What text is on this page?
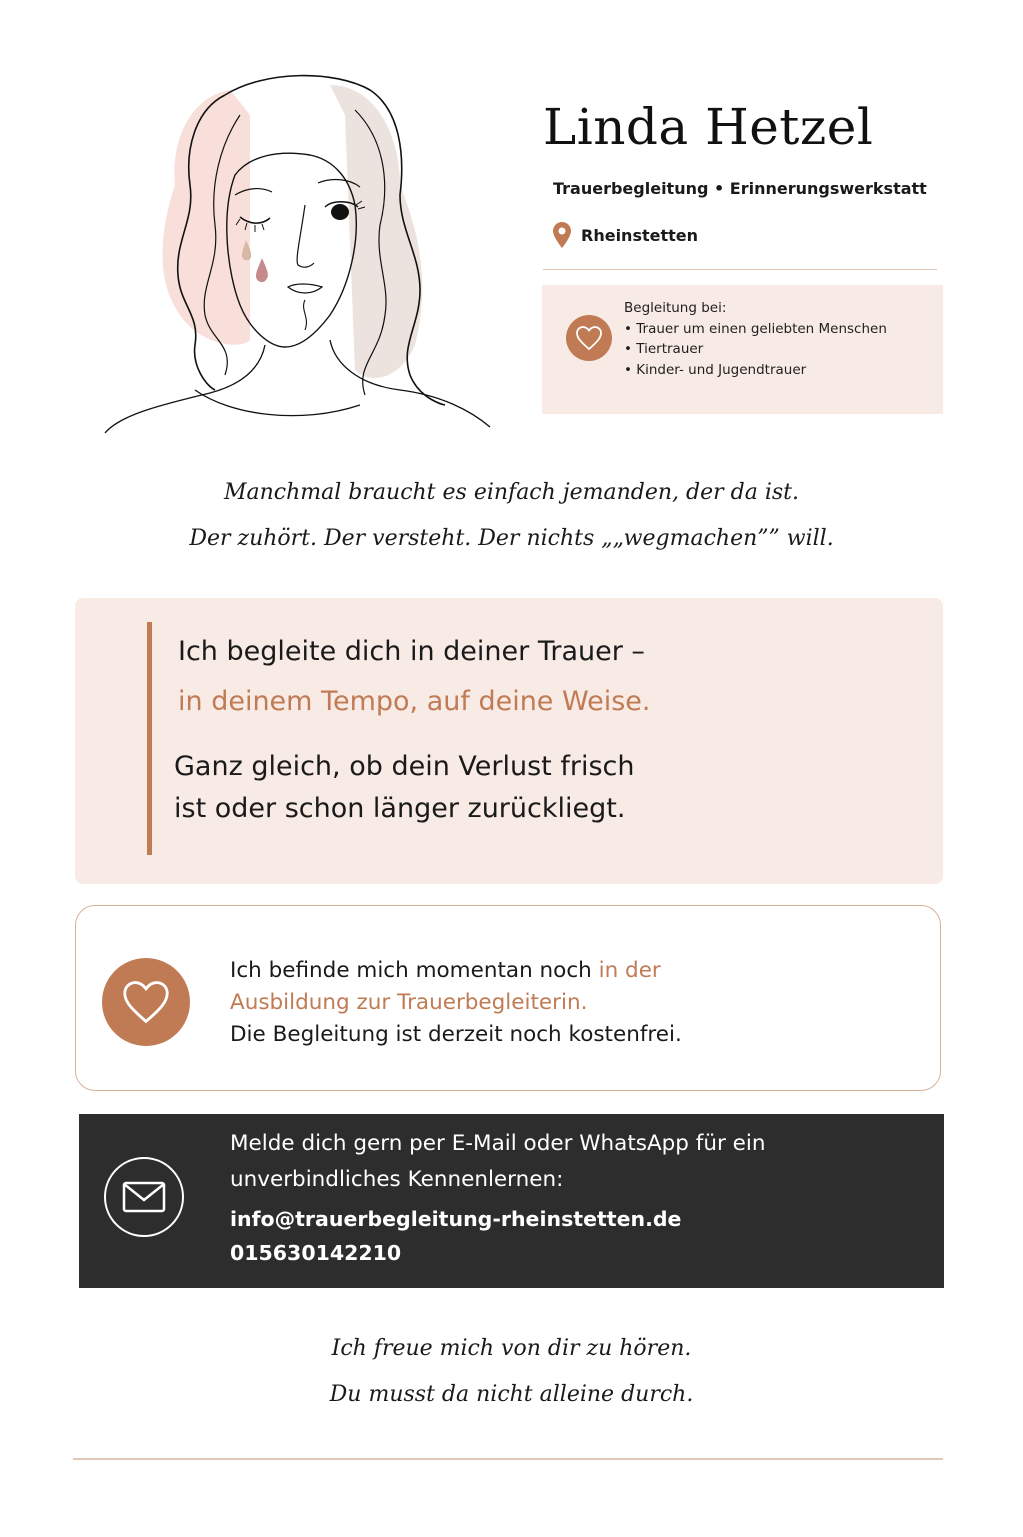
Linda Hetzel
Trauerbegleitung • Erinnerungswerkstatt
Rheinstetten
Begleitung bei:
• Trauer um einen geliebten Menschen
• Tiertrauer
• Kinder- und Jugendtrauer
Manchmal braucht es einfach jemanden, der da ist.
Der zuhört. Der versteht. Der nichts „„wegmachen”” will.
Ich begleite dich in deiner Trauer –
in deinem Tempo, auf deine Weise.
Ganz gleich, ob dein Verlust frisch
ist oder schon länger zurückliegt.
Ich befinde mich momentan noch in der
Ausbildung zur Trauerbegleiterin.
Die Begleitung ist derzeit noch kostenfrei.
Melde dich gern per E-Mail oder WhatsApp für ein
unverbindliches Kennenlernen:
info@trauerbegleitung-rheinstetten.de
015630142210
Ich freue mich von dir zu hören.
Du musst da nicht alleine durch.
